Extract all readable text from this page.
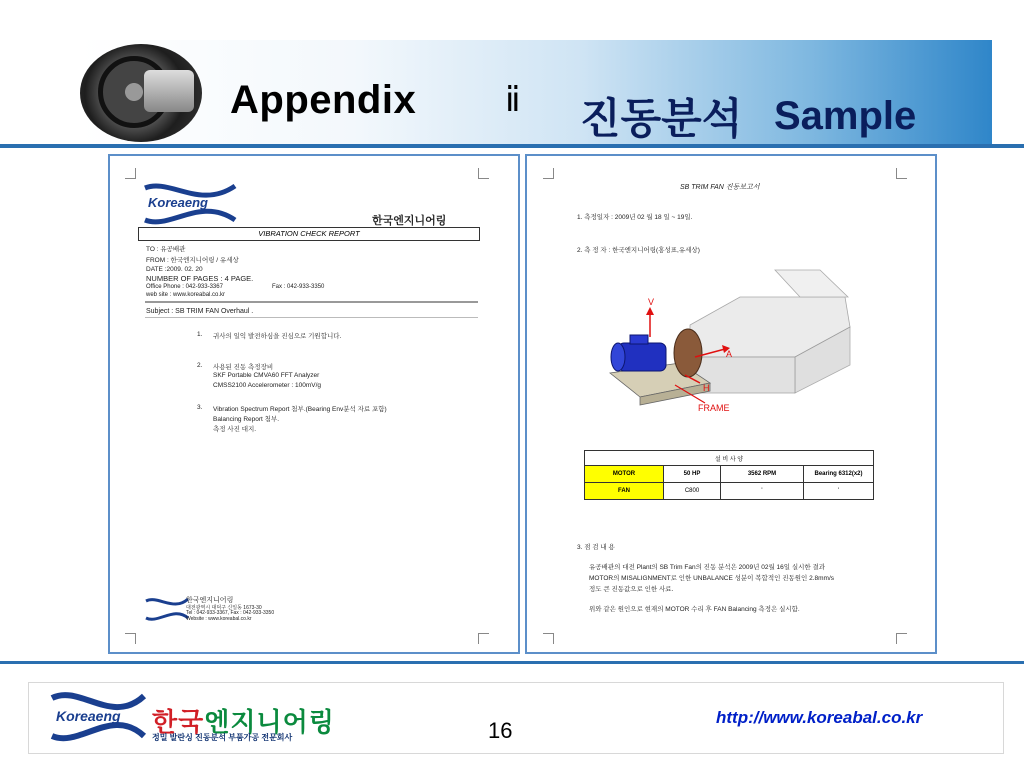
Appendix	ⅱ 진동분석 Sample
Koreaeng
한국엔지니어링
VIBRATION CHECK REPORT
TO : 유공배관
FROM : 한국엔지니어링 / 유세상
DATE :2009. 02. 20
NUMBER OF PAGES : 4 PAGE.
Office Phone : 042-933-3367	Fax : 042-933-3350
web site : www.koreabal.co.kr
Subject : SB TRIM FAN Overhaul .
1. 귀사의 일익 발전하심을 진심으로 기원합니다.
2. 사용된 진동 측정장비
SKF Portable CMVA60 FFT Analyzer
CMSS2100 Accelerometer : 100mV/g
3. Vibration Spectrum Report 첨부.(Bearing Env분석 자료 포함)
Balancing Report 첨부.
측정 사진 대지.
한국엔지니어링
대전광역시 대덕구 신일동 1673-30
Tel : 042-933-3367, Fax : 042-933-3350
Website : www.koreabal.co.kr
SB TRIM FAN 진동보고서
1. 측정일자 : 2009년 02 월 18 일 ~ 19일.
2. 측 정 자 : 한국엔지니어링(홍성표,유세상)
V
A
H
FRAME
설 비 사 양			
MOTOR	50 HP	3562 RPM	Bearing 6312(x2)
FAN	C800	'	'
3. 점 검 내 용
유공배관의 대전 Plant의 SB Trim Fan의 진동 분석은 2009년 02월 16일 실시한 결과
MOTOR의 MISALIGNMENT로 인한 UNBALANCE 성분이 복합적인 진동원인 2.8mm/s
정도 큰 진동값으로 인한 사료.
위와 같은 원인으로 현재의 MOTOR 수리 후 FAN Balancing 측정은 실시함.
Koreaeng 한국엔지니어링
정밀 발란싱 진동분석 부품가공 전문회사	16
http://www.koreabal.co.kr
